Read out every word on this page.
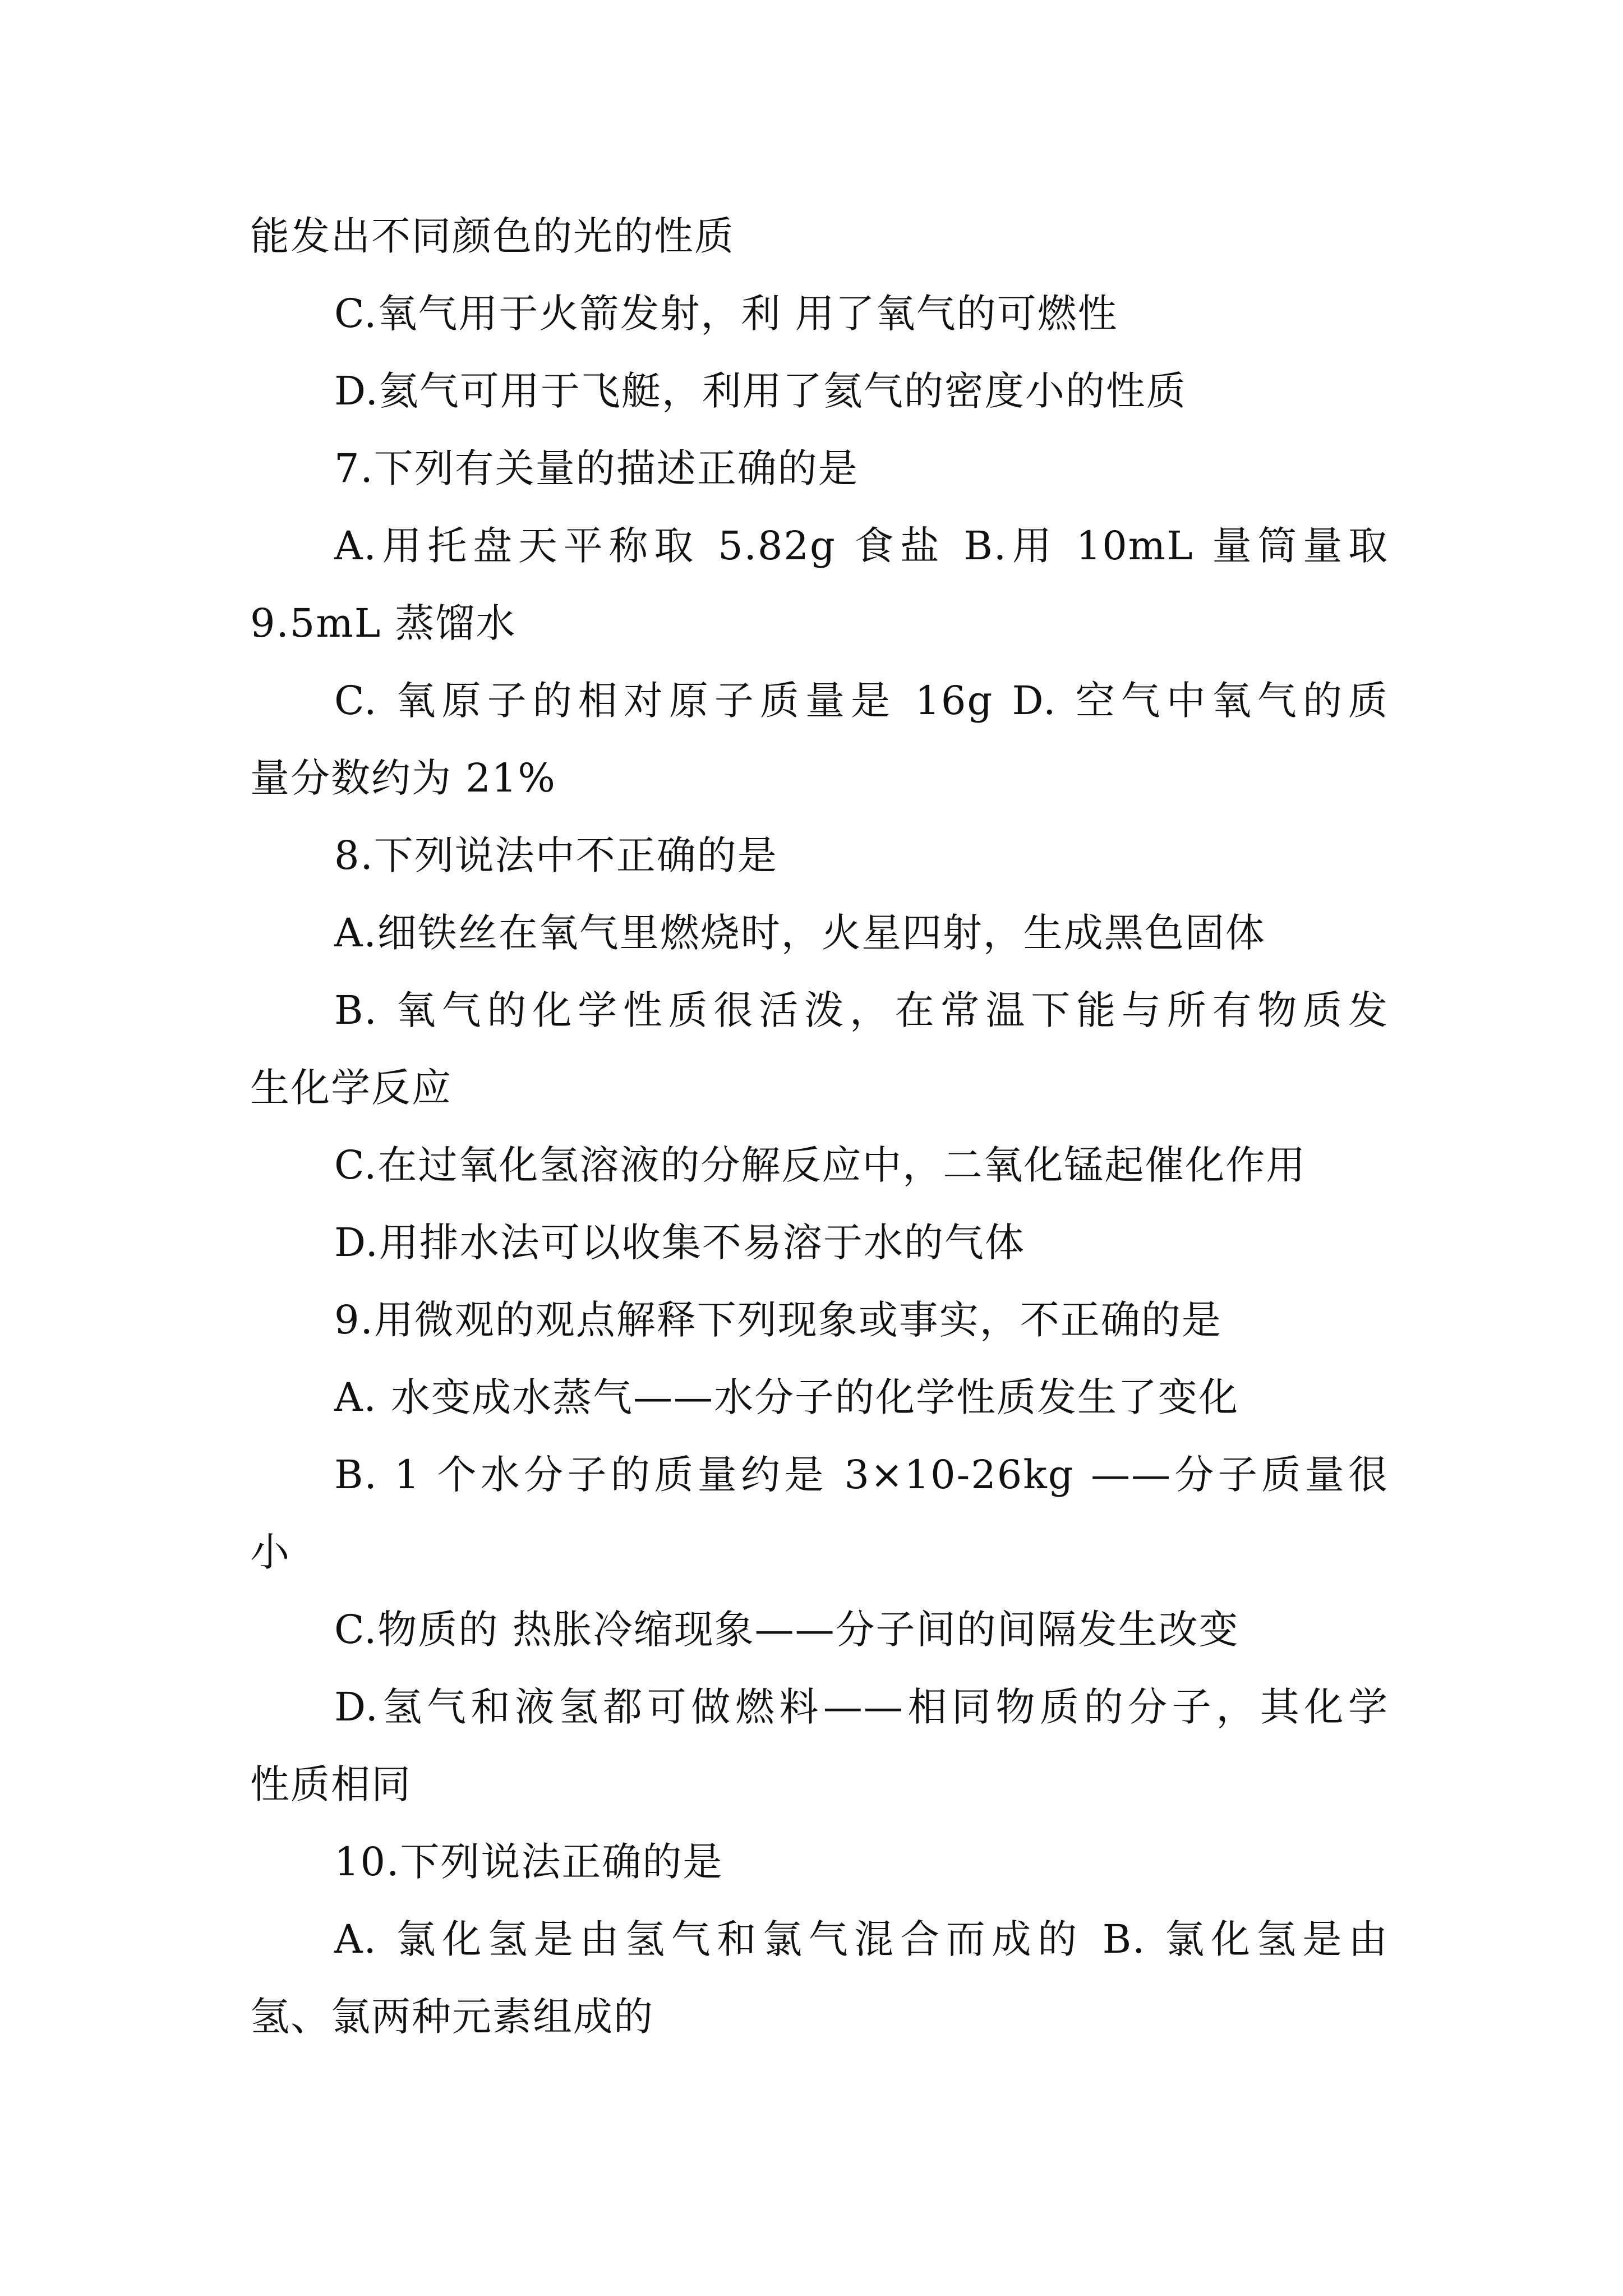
能发出不同颜色的光的性质
C.氧气用于火箭发射，利 用了氧气的可燃性
D.氦气可用于飞艇，利用了氦气的密度小的性质
7.下列有关量的描述正确的是
A.用托盘天平称取 5.82g 食盐 B.用 10mL 量筒量取
9.5mL 蒸馏水
C. 氧原子的相对原子质量是 16g D. 空气中氧气的质
量分数约为 21%
8.下列说法中不正确的是
A.细铁丝在氧气里燃烧时，火星四射，生成黑色固体
B. 氧气的化学性质很活泼，在常温下能与所有物质发
生化学反应
C.在过氧化氢溶液的分解反应中，二氧化锰起催化作用
D.用排水法可以收集不易溶于水的气体
9.用微观的观点解释下列现象或事实，不正确的是
A. 水变成水蒸气——水分子的化学性质发生了变化
B. 1 个水分子的质量约是 3×10-26kg ——分子质量很
小
C.物质的 热胀冷缩现象——分子间的间隔发生改变
D.氢气和液氢都可做燃料——相同物质的分子，其化学
性质相同
10.下列说法正确的是
A. 氯化氢是由氢气和氯气混合而成的 B. 氯化氢是由
氢、氯两种元素组成的
